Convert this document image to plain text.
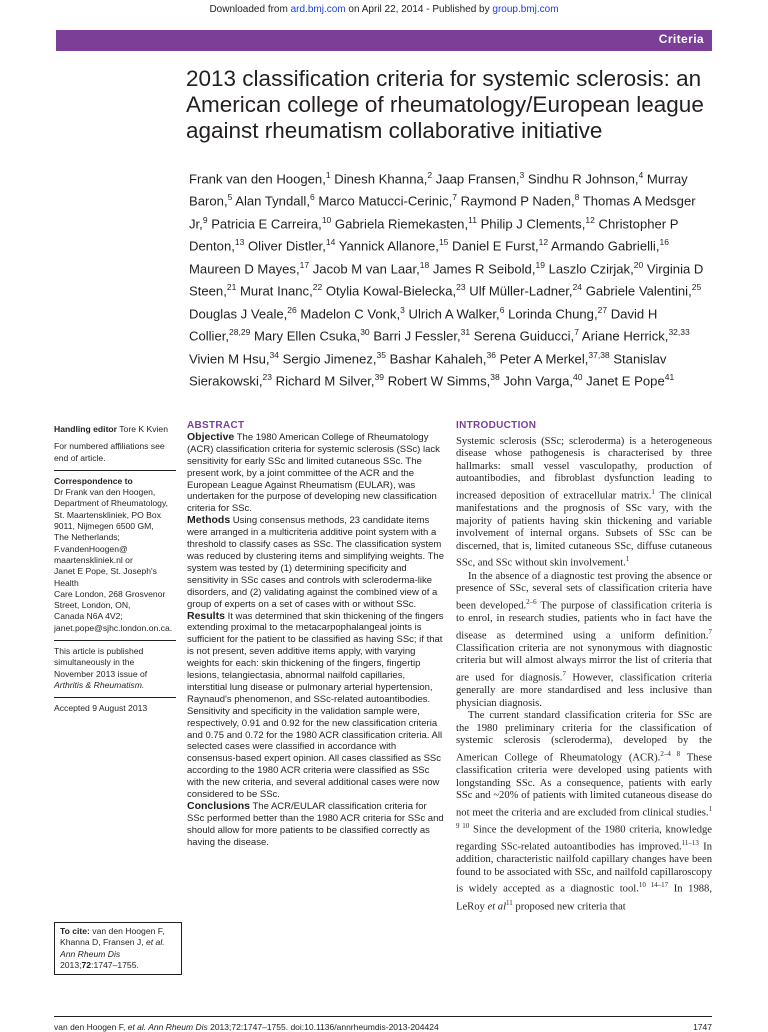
Downloaded from ard.bmj.com on April 22, 2014 - Published by group.bmj.com
Criteria
2013 classification criteria for systemic sclerosis: an American college of rheumatology/European league against rheumatism collaborative initiative
Frank van den Hoogen,$^1$ Dinesh Khanna,$^2$ Jaap Fransen,$^3$ Sindhu R Johnson,$^4$ Murray Baron,$^5$ Alan Tyndall,$^6$ Marco Matucci-Cerinic,$^7$ Raymond P Naden,$^8$ Thomas A Medsger Jr,$^9$ Patricia E Carreira,$^{10}$ Gabriela Riemekasten,$^{11}$ Philip J Clements,$^{12}$ Christopher P Denton,$^{13}$ Oliver Distler,$^{14}$ Yannick Allanore,$^{15}$ Daniel E Furst,$^{12}$ Armando Gabrielli,$^{16}$ Maureen D Mayes,$^{17}$ Jacob M van Laar,$^{18}$ James R Seibold,$^{19}$ Laszlo Czirjak,$^{20}$ Virginia D Steen,$^{21}$ Murat Inanc,$^{22}$ Otylia Kowal-Bielecka,$^{23}$ Ulf Müller-Ladner,$^{24}$ Gabriele Valentini,$^{25}$ Douglas J Veale,$^{26}$ Madelon C Vonk,$^3$ Ulrich A Walker,$^6$ Lorinda Chung,$^{27}$ David H Collier,$^{28,29}$ Mary Ellen Csuka,$^{30}$ Barri J Fessler,$^{31}$ Serena Guiducci,$^7$ Ariane Herrick,$^{32,33}$ Vivien M Hsu,$^{34}$ Sergio Jimenez,$^{35}$ Bashar Kahaleh,$^{36}$ Peter A Merkel,$^{37,38}$ Stanislav Sierakowski,$^{23}$ Richard M Silver,$^{39}$ Robert W Simms,$^{38}$ John Varga,$^{40}$ Janet E Pope$^{41}$

Handling editor Tore K Kvien

For numbered affiliations see end of article.

Correspondence to

Dr Frank van den Hoogen,

Department of Rheumatology,

St. Maartenskliniek, PO Box

9011, Nijmegen 6500 GM,

The Netherlands;

F.vandenHoogen@

maartenskliniek.nl or

Janet E Pope, St. Joseph's Health

Care London, 268 Grosvenor

Street, London, ON,

Canada N6A 4V2;

janet.pope@sjhc.london.on.ca.

This article is published

simultaneously in the

November 2013 issue of

Arthritis & Rheumatism.

Accepted 9 August 2013

To cite: van den Hoogen F, Khanna D, Fransen J, et al. Ann Rheum Dis 2013;72:1747–1755.

ABSTRACT

Objective The 1980 American College of Rheumatology (ACR) classification criteria for systemic sclerosis (SSc) lack sensitivity for early SSc and limited cutaneous SSc. The present work, by a joint committee of the ACR and the European League Against Rheumatism (EULAR), was undertaken for the purpose of developing new classification criteria for SSc.

Methods Using consensus methods, 23 candidate items were arranged in a multicriteria additive point system with a threshold to classify cases as SSc. The classification system was reduced by clustering items and simplifying weights. The system was tested by (1) determining specificity and sensitivity in SSc cases and controls with scleroderma-like disorders, and (2) validating against the combined view of a group of experts on a set of cases with or without SSc.

Results It was determined that skin thickening of the fingers extending proximal to the metacarpophalangeal joints is sufficient for the patient to be classified as having SSc; if that is not present, seven additive items apply, with varying weights for each: skin thickening of the fingers, fingertip lesions, telangiectasia, abnormal nailfold capillaries, interstitial lung disease or pulmonary arterial hypertension, Raynaud's phenomenon, and SSc-related autoantibodies. Sensitivity and specificity in the validation sample were, respectively, 0.91 and 0.92 for the new classification criteria and 0.75 and 0.72 for the 1980 ACR classification criteria. All selected cases were classified in accordance with consensus-based expert opinion. All cases classified as SSc according to the 1980 ACR criteria were classified as SSc with the new criteria, and several additional cases were now considered to be SSc.

Conclusions The ACR/EULAR classification criteria for SSc performed better than the 1980 ACR criteria for SSc and should allow for more patients to be classified correctly as having the disease.

INTRODUCTION

Systemic sclerosis (SSc; scleroderma) is a heterogeneous disease whose pathogenesis is characterised by three hallmarks: small vessel vasculopathy, production of autoantibodies, and fibroblast dysfunction leading to increased deposition of extracellular matrix.$^1$ The clinical manifestations and the prognosis of SSc vary, with the majority of patients having skin thickening and variable involvement of internal organs. Subsets of SSc can be discerned, that is, limited cutaneous SSc, diffuse cutaneous SSc, and SSc without skin involvement.$^1$

In the absence of a diagnostic test proving the absence or presence of SSc, several sets of classification criteria have been developed.$^{2-6}$ The purpose of classification criteria is to enrol, in research studies, patients who in fact have the disease as determined using a uniform definition.$^7$ Classification criteria are not synonymous with diagnostic criteria but will almost always mirror the list of criteria that are used for diagnosis.$^7$ However, classification criteria generally are more standardised and less inclusive than physician diagnosis.

The current standard classification criteria for SSc are the 1980 preliminary criteria for the classification of systemic sclerosis (scleroderma), developed by the American College of Rheumatology (ACR).$^{2-4 8}$ These classification criteria were developed using patients with longstanding SSc. As a consequence, patients with early SSc and ~20% of patients with limited cutaneous disease do not meet the criteria and are excluded from clinical studies.$^{1 9 10}$ Since the development of the 1980 criteria, knowledge regarding SSc-related autoantibodies has improved.$^{11-13}$ In addition, characteristic nailfold capillary changes have been found to be associated with SSc, and nailfold capillaroscopy is widely accepted as a diagnostic tool.$^{10 14-17}$ In 1988, LeRoy et $al^{11}$ proposed new criteria that

van den Hoogen F, et al. Ann Rheum Dis 2013;72:1747–1755. doi:10.1136/annrheumdis-2013-204424	1747
